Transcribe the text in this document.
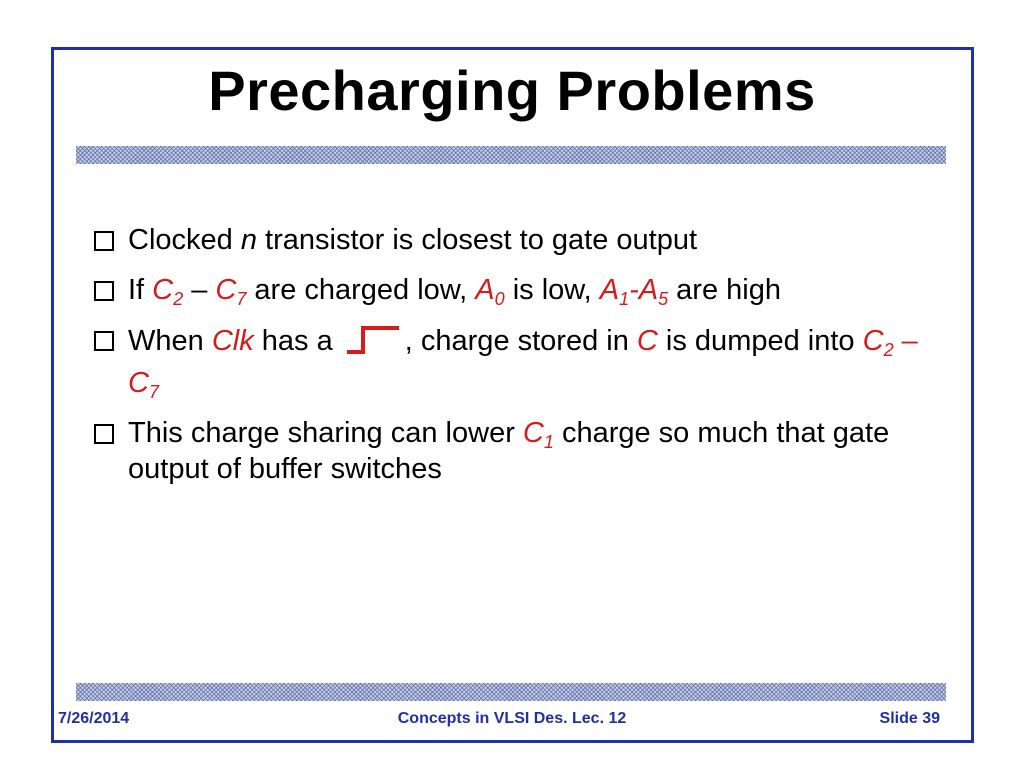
Precharging Problems
Clocked n transistor is closest to gate output
If $C_2 - C_7$ are charged low, $A_0$ is low, $A_1-A_5$ are high
When Clk has a , charge stored in C is dumped into $C_2 - C_7$
This charge sharing can lower $C_1$ charge so much that gate output of buffer switches
7/26/2014	Concepts in VLSI Des. Lec. 12	Slide 39
